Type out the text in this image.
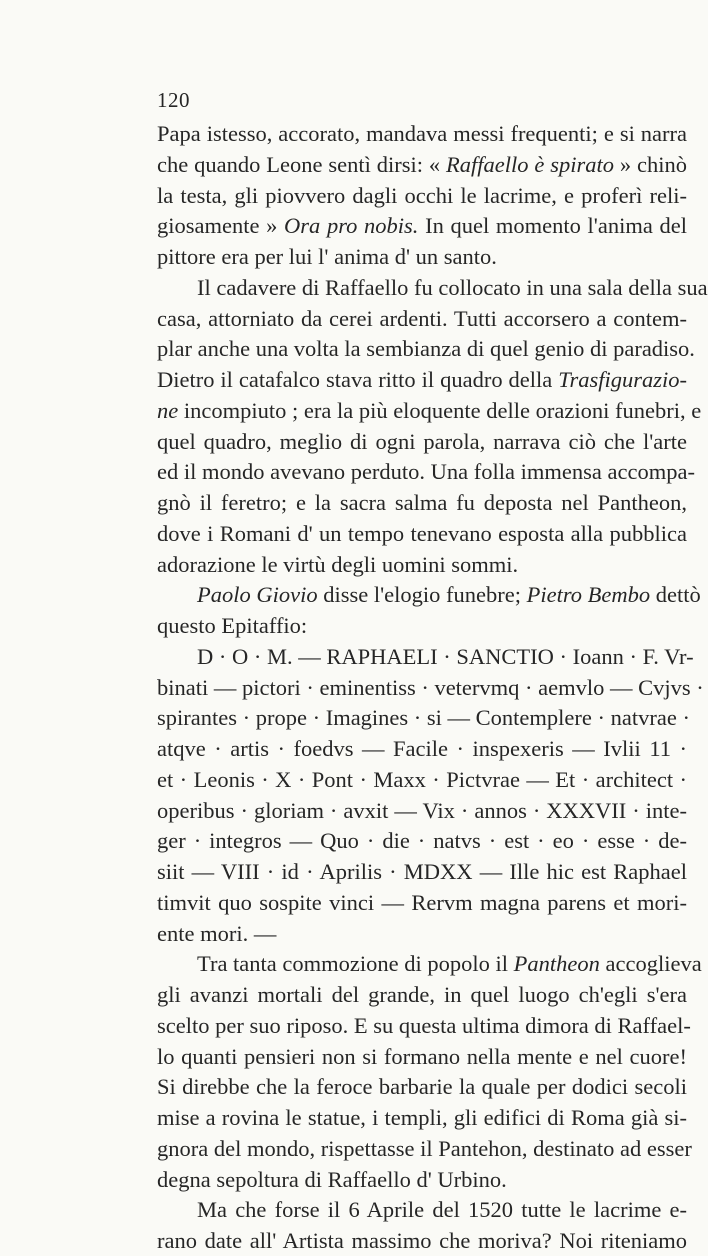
120
Papa istesso, accorato, mandava messi frequenti; e si narra
che quando Leone sentì dirsi: « Raffaello è spirato » chinò
la testa, gli piovvero dagli occhi le lacrime, e proferì reli-
giosamente » Ora pro nobis. In quel momento l'anima del
pittore era per lui l' anima d' un santo.
Il cadavere di Raffaello fu collocato in una sala della sua
casa, attorniato da cerei ardenti. Tutti accorsero a contem-
plar anche una volta la sembianza di quel genio di paradiso.
Dietro il catafalco stava ritto il quadro della Trasfigurazio-
ne incompiuto ; era la più eloquente delle orazioni funebri, e
quel quadro, meglio di ogni parola, narrava ciò che l'arte
ed il mondo avevano perduto. Una folla immensa accompa-
gnò il feretro; e la sacra salma fu deposta nel Pantheon,
dove i Romani d' un tempo tenevano esposta alla pubblica
adorazione le virtù degli uomini sommi.
Paolo Giovio disse l'elogio funebre; Pietro Bembo dettò
questo Epitaffio:
D · O · M. — RAPHAELI · SANCTIO · Ioann · F. Vr-
binati — pictori · eminentiss · vetervmq · aemvlo — Cvjvs ·
spirantes · prope · Imagines · si — Contemplere · natvrae ·
atqve · artis · foedvs — Facile · inspexeris — Ivlii 11 ·
et · Leonis · X · Pont · Maxx · Pictvrae — Et · architect ·
operibus · gloriam · avxit — Vix · annos · XXXVII · inte-
ger · integros — Quo · die · natvs · est · eo · esse · de-
siit — VIII · id · Aprilis · MDXX — Ille hic est Raphael
timvit quo sospite vinci — Rervm magna parens et mori-
ente mori. —
Tra tanta commozione di popolo il Pantheon accoglieva
gli avanzi mortali del grande, in quel luogo ch'egli s'era
scelto per suo riposo. E su questa ultima dimora di Raffael-
lo quanti pensieri non si formano nella mente e nel cuore!
Si direbbe che la feroce barbarie la quale per dodici secoli
mise a rovina le statue, i templi, gli edifici di Roma già si-
gnora del mondo, rispettasse il Pantehon, destinato ad esser
degna sepoltura di Raffaello d' Urbino.
Ma che forse il 6 Aprile del 1520 tutte le lacrime e-
rano date all' Artista massimo che moriva? Noi riteniamo
